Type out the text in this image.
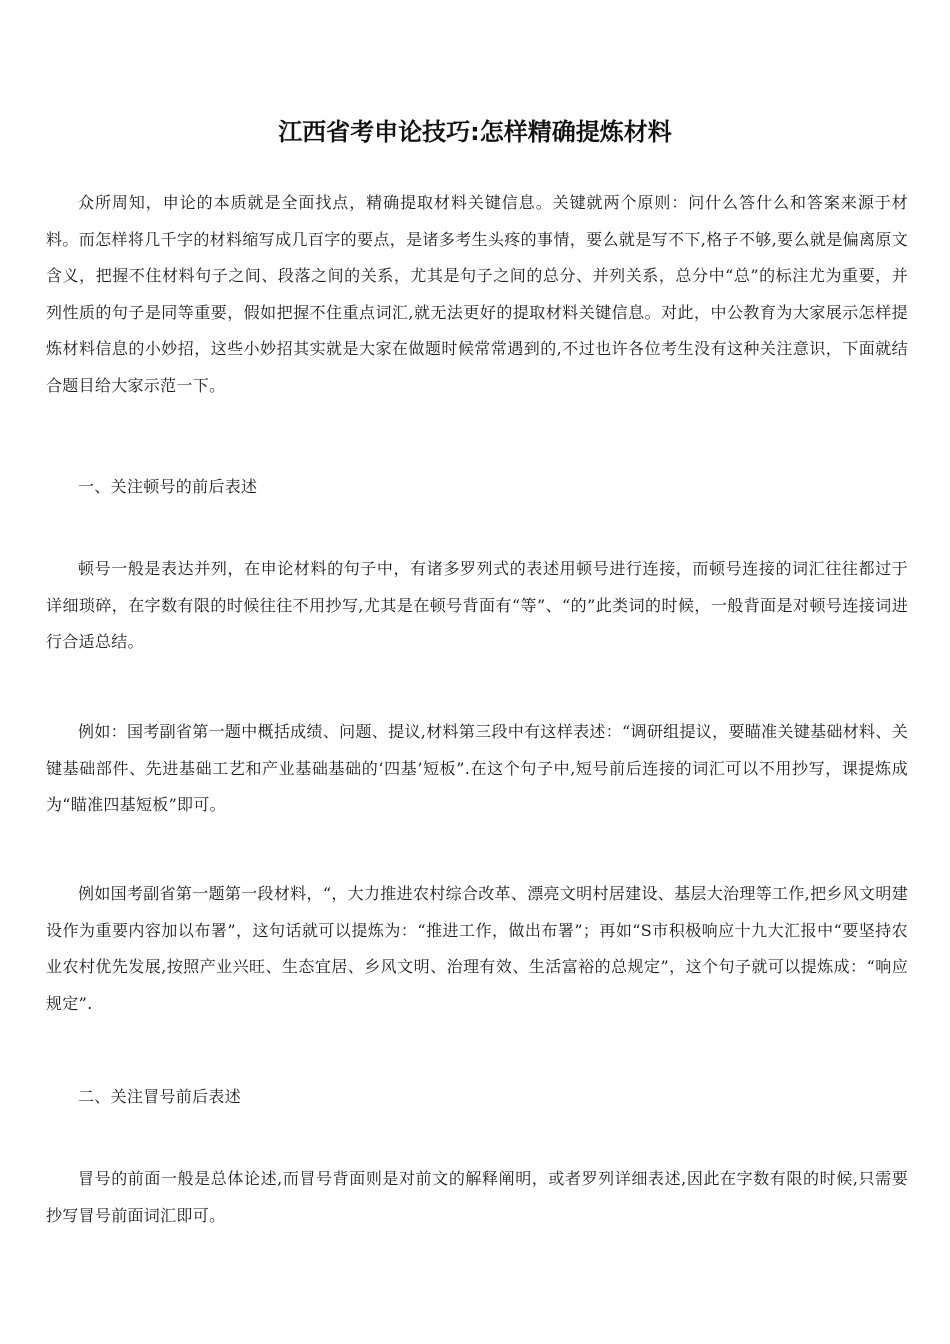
江西省考申论技巧:怎样精确提炼材料

众所周知，申论的本质就是全面找点，精确提取材料关键信息。关键就两个原则：问什么答什么和答案来源于材料。而怎样将几千字的材料缩写成几百字的要点，是诸多考生头疼的事情，要么就是写不下,格子不够,要么就是偏离原文含义，把握不住材料句子之间、段落之间的关系，尤其是句子之间的总分、并列关系，总分中“总”的标注尤为重要，并列性质的句子是同等重要，假如把握不住重点词汇,就无法更好的提取材料关键信息。对此，中公教育为大家展示怎样提炼材料信息的小妙招，这些小妙招其实就是大家在做题时候常常遇到的,不过也许各位考生没有这种关注意识，下面就结合题目给大家示范一下。

一、关注顿号的前后表述

顿号一般是表达并列，在申论材料的句子中，有诸多罗列式的表述用顿号进行连接，而顿号连接的词汇往往都过于详细琐碎，在字数有限的时候往往不用抄写,尤其是在顿号背面有“等”、“的”此类词的时候，一般背面是对顿号连接词进行合适总结。

例如：国考副省第一题中概括成绩、问题、提议,材料第三段中有这样表述：“调研组提议，要瞄准关键基础材料、关键基础部件、先进基础工艺和产业基础基础的‘四基’短板”.在这个句子中,短号前后连接的词汇可以不用抄写，课提炼成为“瞄准四基短板”即可。

例如国考副省第一题第一段材料，“，大力推进农村综合改革、漂亮文明村居建设、基层大治理等工作,把乡风文明建设作为重要内容加以布署”，这句话就可以提炼为：“推进工作，做出布署”；再如“S市积极响应十九大汇报中“要坚持农业农村优先发展,按照产业兴旺、生态宜居、乡风文明、治理有效、生活富裕的总规定”，这个句子就可以提炼成：“响应规定”.

二、关注冒号前后表述

冒号的前面一般是总体论述,而冒号背面则是对前文的解释阐明，或者罗列详细表述,因此在字数有限的时候,只需要抄写冒号前面词汇即可。
